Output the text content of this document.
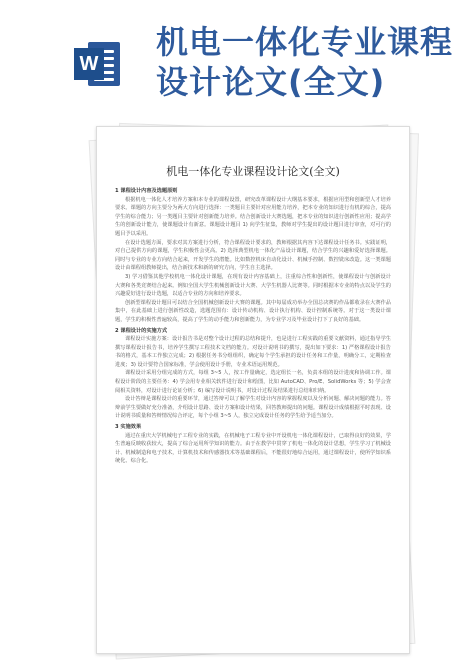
W
机电一体化专业课程设计论文(全文)
机电一体化专业课程设计论文(全文)
1 课程设计内容及选题原则
根据机电一体化人才培养方案和本专业的课程设置，研究改革课程设计大纲基本要求，根据应用型和创新型人才培养要求。课题的方向主要分为两大方向进行选择：一类题目主要针对应用能力培养，把本专业的知识进行有机的综合，提高学生的综合能力；另一类题目主要针对创新能力培养。结合创新设计大赛选题，把本专业的知识进行创新性应用；提高学生的创新设计能力，使课题设计有新意。课题设计题目 1) 向学生征集，教师对学生提出的设计题目进行审查，对可行的题目予以采用。
在设计选题方面，要求对其方案进行分析，符合课程设计要求的，教师根据其内容下达课程设计任务书。实践证明，对自己提供方向的课题，学生积极性会更高。2) 选择典型机电一体化产品设计课题，结合学生的兴趣和爱好选择课题。同时与专业的专业方向结合起来，开发学生的潜能。比如数控机床自动化设计、机械手控制、数控铣床改造。这一类课题设计由课程组教师提出，结合新技术和新的研究方向，学生自主选择。
3) 学习借鉴其他学校机电一体化设计课题，在现有设计内容基础上，注重综合性和创新性，使课程设计与创新设计大赛和各类竞赛结合起来。例如全国大学生机械创新设计大赛、大学生机器人比赛等。同时根据本专业的特点以及学生的兴趣爱好进行设计选题，以适合专业的方向和培养要求。
创新型课程设计题目可以结合全国机械创新设计大赛的课题。其中每届成功举办全国总决赛的作品都收录在大赛作品集中，在此基础上进行创新性改造，选题范围有：设计传动机构、设计执行机构、设计控制系统等。对于这一类设计课题，学生的积极性普遍较高，提高了学生的动手能力和创新能力，为专业学习及毕业设计打下了良好的基础。
2 课程设计的实施方式
课程设计实施方案：设计报告书是对整个设计过程的总结和提升，也是进行工程实践的重要文献资料，通过指导学生撰写课程设计报告书，培养学生撰写工程技术文档的能力。对设计说明书的撰写，提出如下要求：1) 严格课程设计报告书的格式，基本工作独立完成；2) 根据任务书分组组织，确定每个学生承担的设计任务和工作量，明确分工，定期检查进度；3) 设计要符合国家标准，学会使用设计手册，专业术语运用规范。
课程设计采用分组完成的方式，每组 3~5 人，按工作量确定，选定组长一名，负责本组的设计进度和协调工作。课程设计阶段的主要任务：4) 学会用专业相关软件进行设计和绘图，比如 AutoCAD、Pro/E、SolidWorks 等；5) 学会查阅相关资料，对设计进行论证分析；6) 编写设计说明书，对设计过程及结果进行总结和归纳。
设计答辩是课程设计的重要环节，通过答辩可以了解学生对设计内容的掌握程度以及分析问题、解决问题的能力。答辩前学生要做好充分准备，介绍设计思路、设计方案和设计结果，回答教师提出的问题。课程设计成绩根据平时表现、设计说明书质量和答辩情况综合评定，每个小组 3~5 人，独立完成设计任务的学生给予适当加分。
3 实施效果
通过在重庆大学机械电子工程专业的实践，在机械电子工程专业中开设机电一体化课程设计，已取得良好的效果，学生普遍反映收获较大，提高了综合运用所学知识的能力。由于在教学中贯穿了机电一体化的设计思想，学生学习了机械设计、机械制造和电子技术，计算机技术和传感器技术等基础课程后，不能很好地综合运用，通过课程设计，使所学知识系统化、综合化。
